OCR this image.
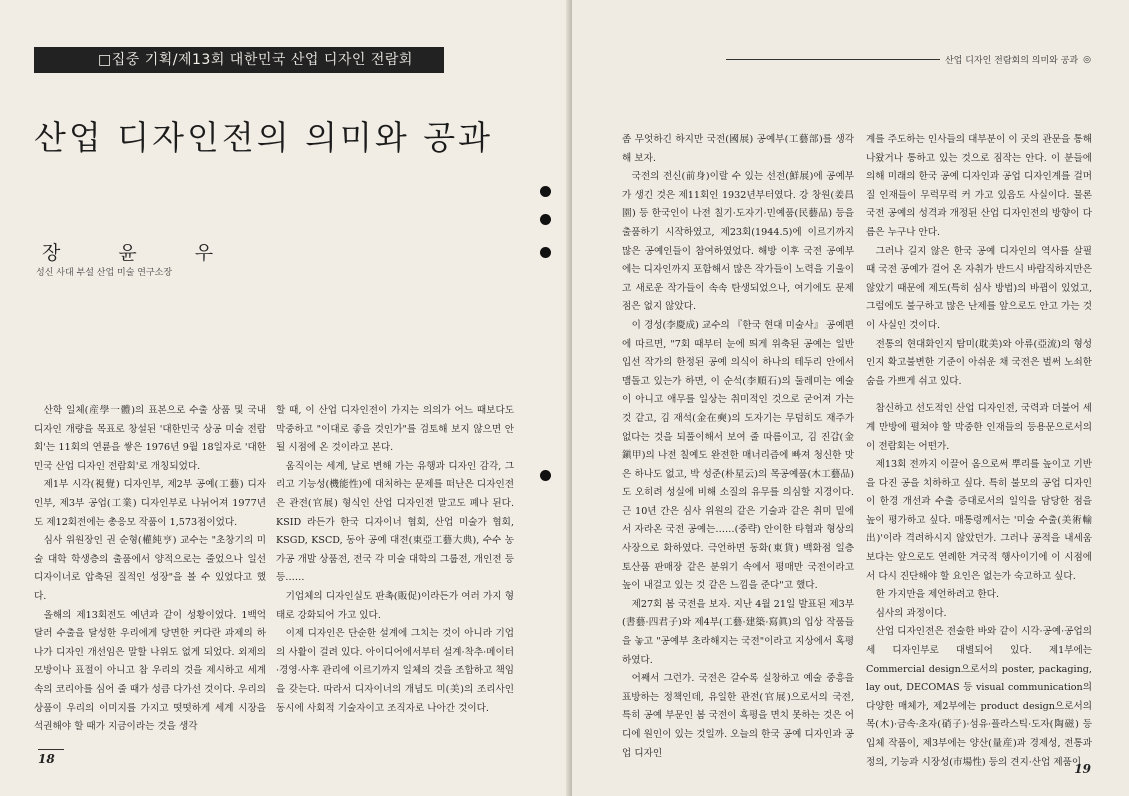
□집중 기획/제13회 대한민국 산업 디자인 전람회
산업 디자인전의 의미와 공과
장 윤 우
성신 사대 부설 산업 미술 연구소장

산학 일체(産學一體)의 표본으로 수출 상품 및 국내 디자인 개량을 목표로 창설된 '대한민국 상공 미술 전람회'는 11회의 연륜을 쌓은 1976년 9월 18일자로 '대한민국 산업 디자인 전람회'로 개칭되었다.

제1부 시각(視覺) 디자인부, 제2부 공예(工藝) 디자인부, 제3부 공업(工業) 디자인부로 나뉘어져 1977년도 제12회전에는 총응모 작품이 1,573점이었다.

심사 위원장인 권 순형(權純亨) 교수는 "초창기의 미술 대학 학생층의 출품에서 양적으로는 줄었으나 일선 디자이너로 압축된 질적인 성장"을 볼 수 있었다고 했다.

올해의 제13회전도 예년과 같이 성황이었다. 1백억 달러 수출을 달성한 우리에게 당면한 커다란 과제의 하나가 디자인 개선임은 말할 나위도 없게 되었다. 외제의 모방이나 표절이 아니고 참 우리의 것을 제시하고 세계 속의 코리아를 심어 줄 때가 성큼 다가선 것이다. 우리의 상품이 우리의 이미지를 가지고 떳떳하게 세계 시장을 석권해야 할 때가 지금이라는 것을 생각

할 때, 이 산업 디자인전이 가지는 의의가 어느 때보다도 막중하고 "이대로 좋을 것인가"를 검토해 보지 않으면 안 될 시점에 온 것이라고 본다.

움직이는 세계, 날로 변해 가는 유행과 디자인 감각, 그리고 기능성(機能性)에 대처하는 문제를 떠난은 디자인전은 관전(官展) 형식인 산업 디자인전 말고도 폐나 된다. KSID 라든가 한국 디자이너 협회, 산업 미술가 협회, KSGD, KSCD, 동아 공예 대전(東亞工藝大典), 수수 농가공 개발 상품전, 전국 각 미술 대학의 그룹전, 개인전 등등……

기업체의 디자인실도 판촉(販促)이라든가 여러 가지 형태로 강화되어 가고 있다.

이제 디자인은 단순한 설계에 그치는 것이 아니라 기업의 사활이 걸려 있다. 아이디어에서부터 설계·착추·메이터·경영·사후 관리에 이르기까지 일체의 것을 조합하고 책임을 갖는다. 따라서 디자이너의 개념도 미(美)의 조리사인 동시에 사회적 기술자이고 조직자로 나아간 것이다.

18
산업 디자인 전람회의 의미와 공과 ◎

좀 무엇하긴 하지만 국전(國展) 공예부(工藝部)를 생각해 보자.

국전의 전신(前身)이랄 수 있는 선전(鮮展)에 공예부가 생긴 것은 제11회인 1932년부터였다. 강 창원(姜昌園) 등 한국인이 나전 칠기·도자기·민예품(民藝品) 등을 출품하기 시작하였고, 제23회(1944.5)에 이르기까지 많은 공예인들이 참여하였었다. 해방 이후 국전 공예부에는 디자인까지 포함해서 많은 작가들이 노력을 기울이고 새로운 작가들이 속속 탄생되었으나, 여기에도 문제점은 없지 않았다.

이 경성(李慶成) 교수의 『한국 현대 미술사』 공예편에 따르면, "7회 때부터 눈에 띄게 위축된 공예는 일반 입선 작가의 한정된 공예 의식이 하나의 테두리 안에서 맴돌고 있는가 하면, 이 순석(李順石)의 둘레미는 예술이 아니고 애무를 일상는 취미적인 것으로 굳어져 가는 것 같고, 김 재석(金在奭)의 도자기는 무덤히도 재주가 없다는 것을 되풀이해서 보여 줄 따름이고, 김 진갑(金鎭甲)의 나전 칠예도 완전한 매너리즘에 빠져 청신한 맛은 하나도 없고, 박 성준(朴星云)의 목공예품(木工藝品)도 오히려 성실에 비해 소질의 유무를 의심할 지경이다. 근 10년 간은 심사 위원의 같은 기술과 같은 취미 밑에서 자라온 국전 공예는……(중략) 안이한 타협과 형상의 사장으로 화하였다. 극언하면 동화(東貨) 백화점 일층 토산품 판매장 같은 분위기 속에서 평매만 국전이라고 높이 내걸고 있는 것 같은 느낌을 준다"고 했다.

제27회 봄 국전을 보자. 지난 4월 21일 발표된 제3부(書藝·四君子)와 제4부(工藝·建築·寫眞)의 입상 작품들을 놓고 "공예부 초라해지는 국전"이라고 지상에서 혹평하였다.

어째서 그런가. 국전은 갈수록 실창하고 예술 중흥을 표방하는 정책인데, 유일한 관전(官展)으로서의 국전, 특히 공예 부문인 봄 국전이 흑평을 면치 못하는 것은 어디에 원인이 있는 것일까. 오늘의 한국 공예 디자인과 공업 디자인

계를 주도하는 인사들의 대부분이 이 곳의 관문을 통해 나왔거나 통하고 있는 것으로 짐작는 안다. 이 분들에 의해 미래의 한국 공예 디자인과 공업 디자인계를 걸머질 인재들이 무럭무럭 커 가고 있음도 사실이다. 물론 국전 공예의 성격과 개정된 산업 디자인전의 방향이 다름은 누구나 안다.

그러나 길지 않은 한국 공예 디자인의 역사를 살필 때 국전 공예가 걸어 온 자취가 반드시 바람직하지만은 않았기 때문에 제도(특히 심사 방법)의 바뀜이 있었고, 그럼에도 불구하고 많은 난제를 앞으로도 안고 가는 것이 사실인 것이다.

전통의 현대화인지 탐미(耽美)와 아류(亞流)의 형성인지 확고불변한 기준이 아쉬운 채 국전은 벌써 노쇠한 숨을 가쁘게 쉬고 있다.

참신하고 선도적인 산업 디자인전, 국력과 더불어 세계 만방에 펼쳐야 할 막중한 인재들의 등용문으로서의 이 전람회는 어떤가.

제13회 전까지 이끌어 옴으로써 뿌리를 높이고 기반을 다진 공을 치하하고 싶다. 특히 불모의 공업 디자인이 한경 개선과 수출 증대로서의 일익을 담당한 점을 높이 평가하고 싶다. 매통령께서는 '미술 수출(美術輸出)'이라 격려하시지 않았던가. 그러나 공적을 내세움보다는 앞으로도 연례한 겨국적 행사이기에 이 시점에서 다시 진단해야 할 요인은 없는가 숙고하고 싶다.

한 가지만을 제언하려고 한다.

심사의 과정이다.

산업 디자인전은 전술한 바와 같이 시각·공예·공업의 세 디자인부로 대별되어 있다. 제1부에는 Commercial design으로서의 poster, packaging, lay out, DECOMAS 등 visual communication의 다양한 매체가, 제2부에는 product design으로서의 목(木)·금속·초자(硝子)·섬유·플라스틱·도자(陶磁) 등 입체 작품이, 제3부에는 양산(量産)과 경제성, 전통과 정의, 기능과 시장성(市場性) 등의 견지·산업 제품이

19
